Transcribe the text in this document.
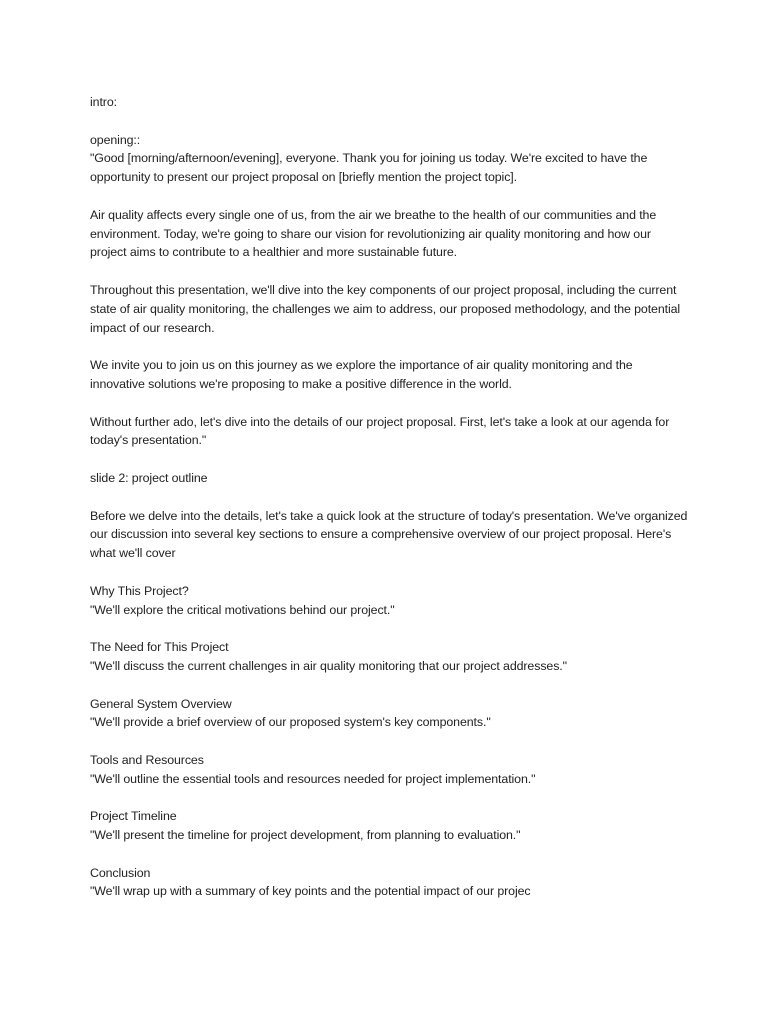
intro:

opening::

"Good [morning/afternoon/evening], everyone. Thank you for joining us today. We're excited to have the opportunity to present our project proposal on [briefly mention the project topic].

Air quality affects every single one of us, from the air we breathe to the health of our communities and the environment. Today, we're going to share our vision for revolutionizing air quality monitoring and how our project aims to contribute to a healthier and more sustainable future.

Throughout this presentation, we'll dive into the key components of our project proposal, including the current state of air quality monitoring, the challenges we aim to address, our proposed methodology, and the potential impact of our research.

We invite you to join us on this journey as we explore the importance of air quality monitoring and the innovative solutions we're proposing to make a positive difference in the world.

Without further ado, let's dive into the details of our project proposal. First, let's take a look at our agenda for today's presentation."

slide 2: project outline

Before we delve into the details, let's take a quick look at the structure of today's presentation. We've organized our discussion into several key sections to ensure a comprehensive overview of our project proposal. Here's what we'll cover

Why This Project?

"We'll explore the critical motivations behind our project."

The Need for This Project

"We'll discuss the current challenges in air quality monitoring that our project addresses."

General System Overview

"We'll provide a brief overview of our proposed system's key components."

Tools and Resources

"We'll outline the essential tools and resources needed for project implementation."

Project Timeline

"We'll present the timeline for project development, from planning to evaluation."

Conclusion

"We'll wrap up with a summary of key points and the potential impact of our projec
